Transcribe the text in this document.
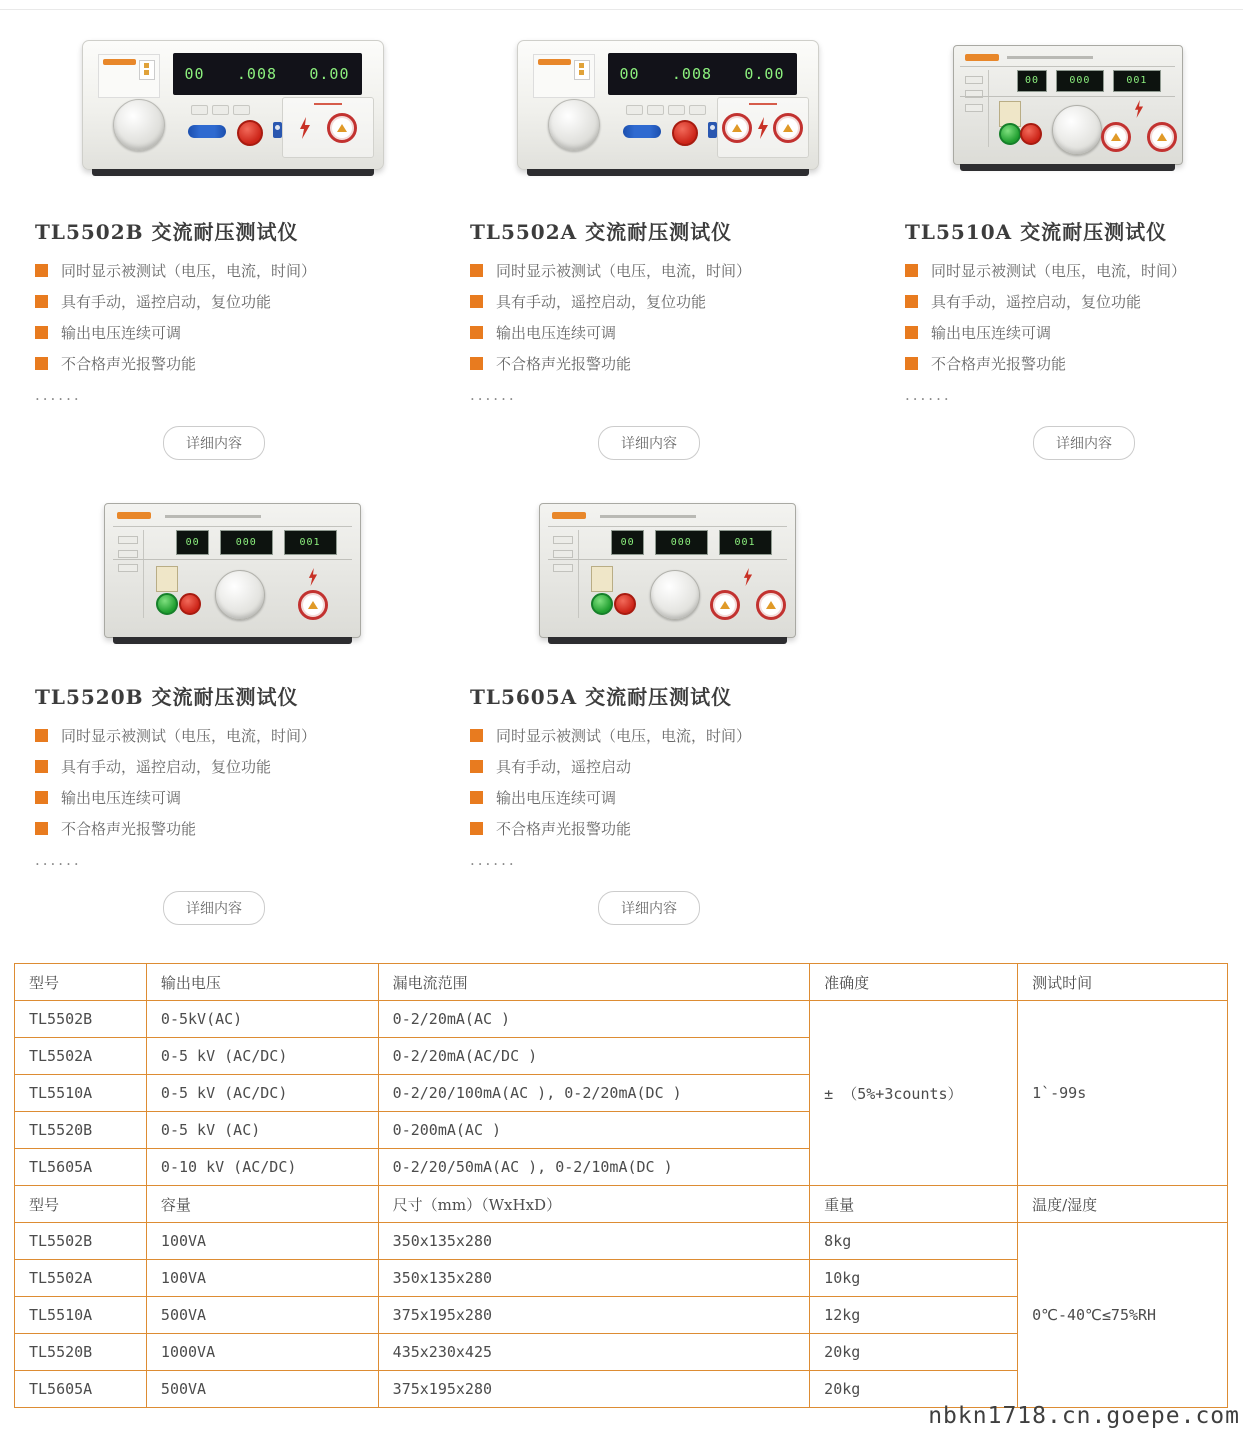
00 .008 0.00
TL5502B 交流耐压测试仪
同时显示被测试（电压，电流，时间）
具有手动，遥控启动，复位功能
输出电压连续可调
不合格声光报警功能
......
详细内容
00 .008 0.00
TL5502A 交流耐压测试仪
同时显示被测试（电压，电流，时间）
具有手动，遥控启动，复位功能
输出电压连续可调
不合格声光报警功能
......
详细内容
00	000	001
TL5510A 交流耐压测试仪
同时显示被测试（电压，电流，时间）
具有手动，遥控启动，复位功能
输出电压连续可调
不合格声光报警功能
......
详细内容
00	000	001
TL5520B 交流耐压测试仪
同时显示被测试（电压，电流，时间）
具有手动，遥控启动，复位功能
输出电压连续可调
不合格声光报警功能
......
详细内容
00	000	001
TL5605A 交流耐压测试仪
同时显示被测试（电压，电流，时间）
具有手动，遥控启动
输出电压连续可调
不合格声光报警功能
......
详细内容
型号	输出电压	漏电流范围	准确度	测试时间
TL5502B	0-5kV(AC)	0-2/20mA(AC )	± （5%+3counts）	1`-99s
TL5502A	0-5 kV (AC/DC)	0-2/20mA(AC/DC )		
TL5510A	0-5 kV (AC/DC)	0-2/20/100mA(AC ), 0-2/20mA(DC )		
TL5520B	0-5 kV (AC)	0-200mA(AC )		
TL5605A	0-10 kV (AC/DC)	0-2/20/50mA(AC ), 0-2/10mA(DC )		
型号	容量	尺寸（mm）（WxHxD）	重量	温度/湿度
TL5502B	100VA	350x135x280	8kg	0℃-40℃≤75%RH
TL5502A	100VA	350x135x280	10kg	
TL5510A	500VA	375x195x280	12kg	
TL5520B	1000VA	435x230x425	20kg	
TL5605A	500VA	375x195x280	20kg	
nbkn1718.cn.goepe.com
